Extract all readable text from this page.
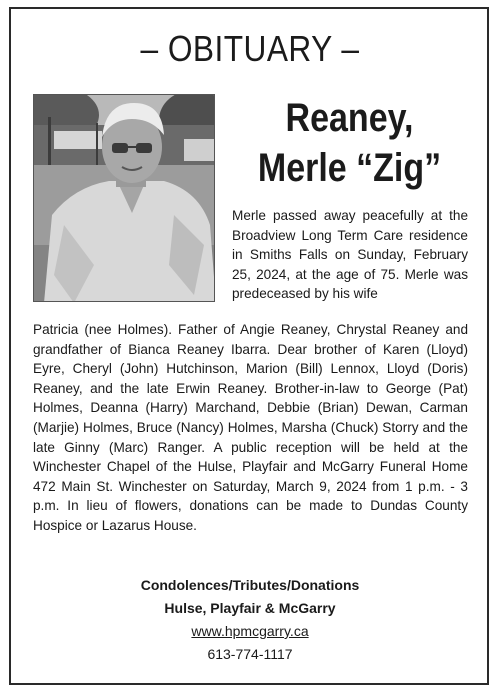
– OBITUARY –
Reaney,
Merle “Zig”
Merle passed away peacefully at the Broadview Long Term Care residence in Smiths Falls on Sunday, February 25, 2024, at the age of 75. Merle was predeceased by his wife
Patricia (nee Holmes). Father of Angie Reaney, Chrystal Reaney and grandfather of Bianca Reaney Ibarra. Dear brother of Karen (Lloyd) Eyre, Cheryl (John) Hutchinson, Marion (Bill) Lennox, Lloyd (Doris) Reaney, and the late Erwin Reaney. Brother-in-law to George (Pat) Holmes, Deanna (Harry) Marchand, Debbie (Brian) Dewan, Carman (Marjie) Holmes, Bruce (Nancy) Holmes, Marsha (Chuck) Storry and the late Ginny (Marc) Ranger. A public reception will be held at the Winchester Chapel of the Hulse, Playfair and McGarry Funeral Home 472 Main St. Winchester on Saturday, March 9, 2024 from 1 p.m. - 3 p.m. In lieu of flowers, donations can be made to Dundas County Hospice or Lazarus House.
Condolences/Tributes/Donations
Hulse, Playfair & McGarry
www.hpmcgarry.ca
613-774-1117
